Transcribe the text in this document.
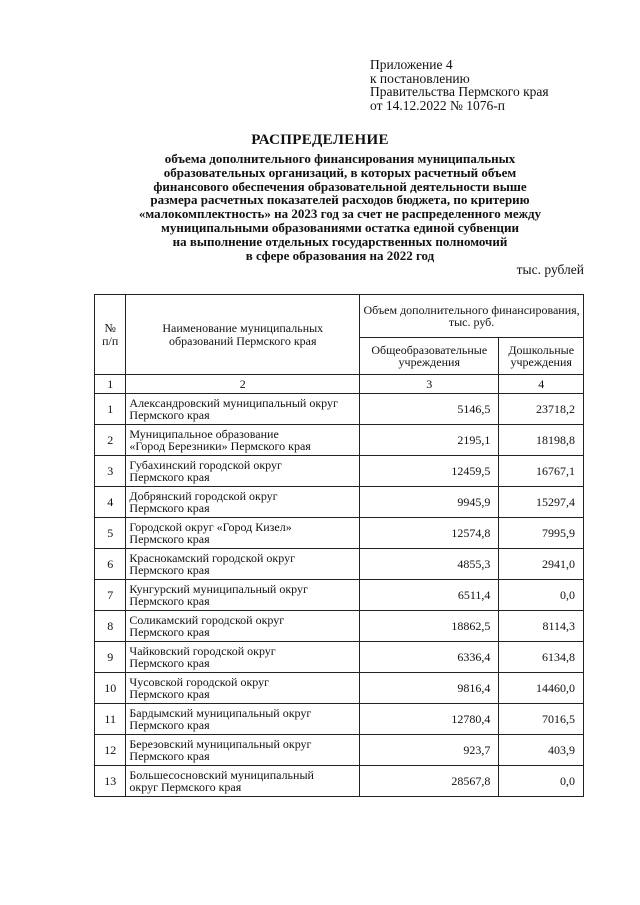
Приложение 4
к постановлению
Правительства Пермского края
от 14.12.2022 № 1076-п
РАСПРЕДЕЛЕНИЕ
объема дополнительного финансирования муниципальных
образовательных организаций, в которых расчетный объем
финансового обеспечения образовательной деятельности выше
размера расчетных показателей расходов бюджета, по критерию
«малокомплектность» на 2023 год за счет не распределенного между
муниципальными образованиями остатка единой субвенции
на выполнение отдельных государственных полномочий
в сфере образования на 2022 год
тыс. рублей
№
п/п	Наименование муниципальных образований Пермского края	Объем дополнительного финансирования, тыс. руб.	
		Общеобразовательные учреждения	Дошкольные учреждения
1	2	3	4
1	Александровский муниципальный округ
Пермского края	5146,5	23718,2
2	Муниципальное образование
«Город Березники» Пермского края	2195,1	18198,8
3	Губахинский городской округ
Пермского края	12459,5	16767,1
4	Добрянский городской округ
Пермского края	9945,9	15297,4
5	Городской округ «Город Кизел»
Пермского края	12574,8	7995,9
6	Краснокамский городской округ
Пермского края	4855,3	2941,0
7	Кунгурский муниципальный округ
Пермского края	6511,4	0,0
8	Соликамский городской округ
Пермского края	18862,5	8114,3
9	Чайковский городской округ
Пермского края	6336,4	6134,8
10	Чусовской городской округ
Пермского края	9816,4	14460,0
11	Бардымский муниципальный округ
Пермского края	12780,4	7016,5
12	Березовский муниципальный округ
Пермского края	923,7	403,9
13	Большесосновский муниципальный
округ Пермского края	28567,8	0,0
